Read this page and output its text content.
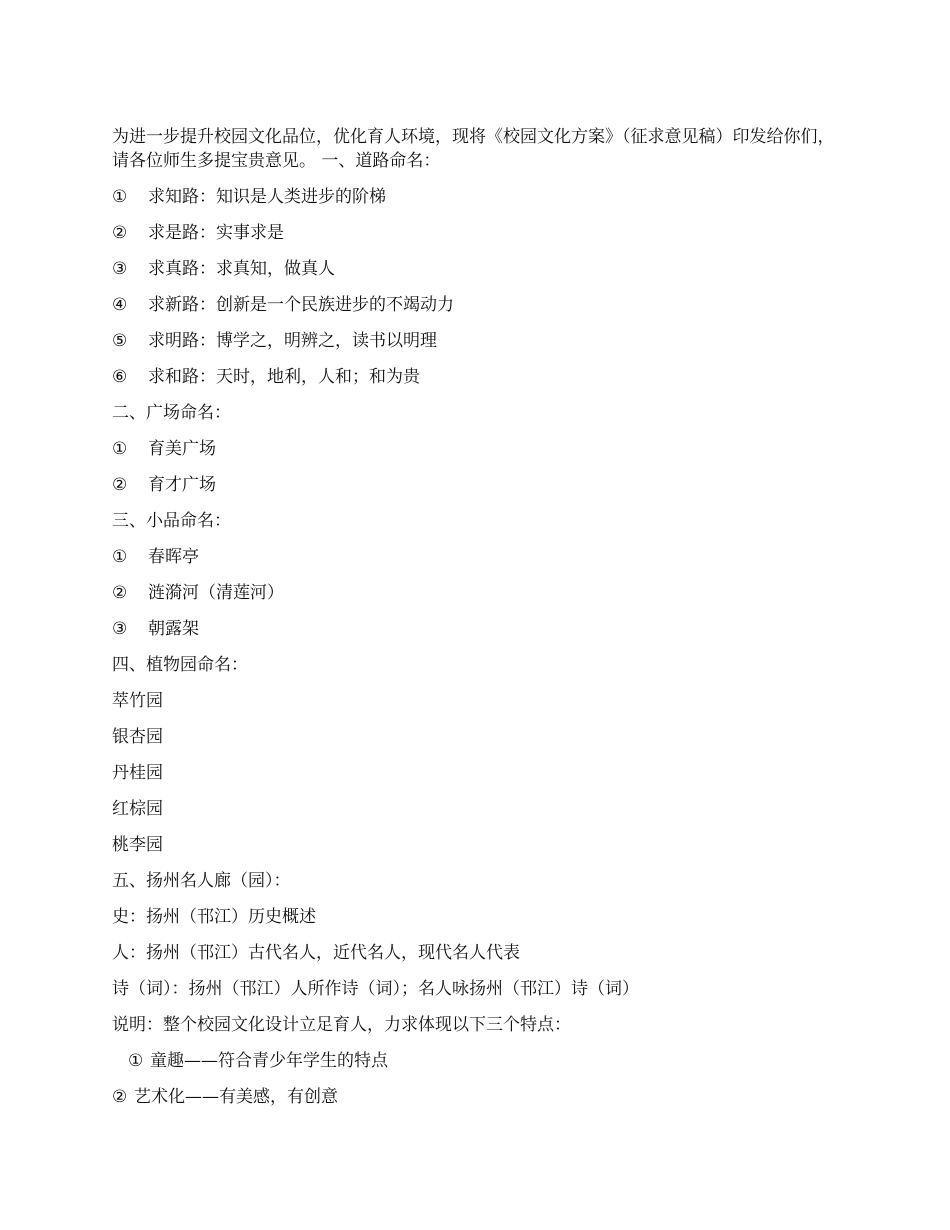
为进一步提升校园文化品位，优化育人环境，现将《校园文化方案》（征求意见稿）印发给你们，请各位师生多提宝贵意见。 一、道路命名：

① 求知路：知识是人类进步的阶梯
② 求是路：实事求是
③ 求真路：求真知，做真人
④ 求新路：创新是一个民族进步的不竭动力
⑤ 求明路：博学之，明辨之，读书以明理
⑥ 求和路：天时，地利，人和；和为贵
二、广场命名：
① 育美广场
② 育才广场
三、小品命名：
① 春晖亭
② 涟漪河（清莲河）
③ 朝露架
四、植物园命名：
萃竹园
银杏园
丹桂园
红棕园
桃李园
五、扬州名人廊（园）：
史：扬州（邗江）历史概述
人：扬州（邗江）古代名人，近代名人，现代名人代表
诗（词）：扬州（邗江）人所作诗（词）；名人咏扬州（邗江）诗（词）
说明：整个校园文化设计立足育人，力求体现以下三个特点：
① 童趣——符合青少年学生的特点
② 艺术化——有美感，有创意
